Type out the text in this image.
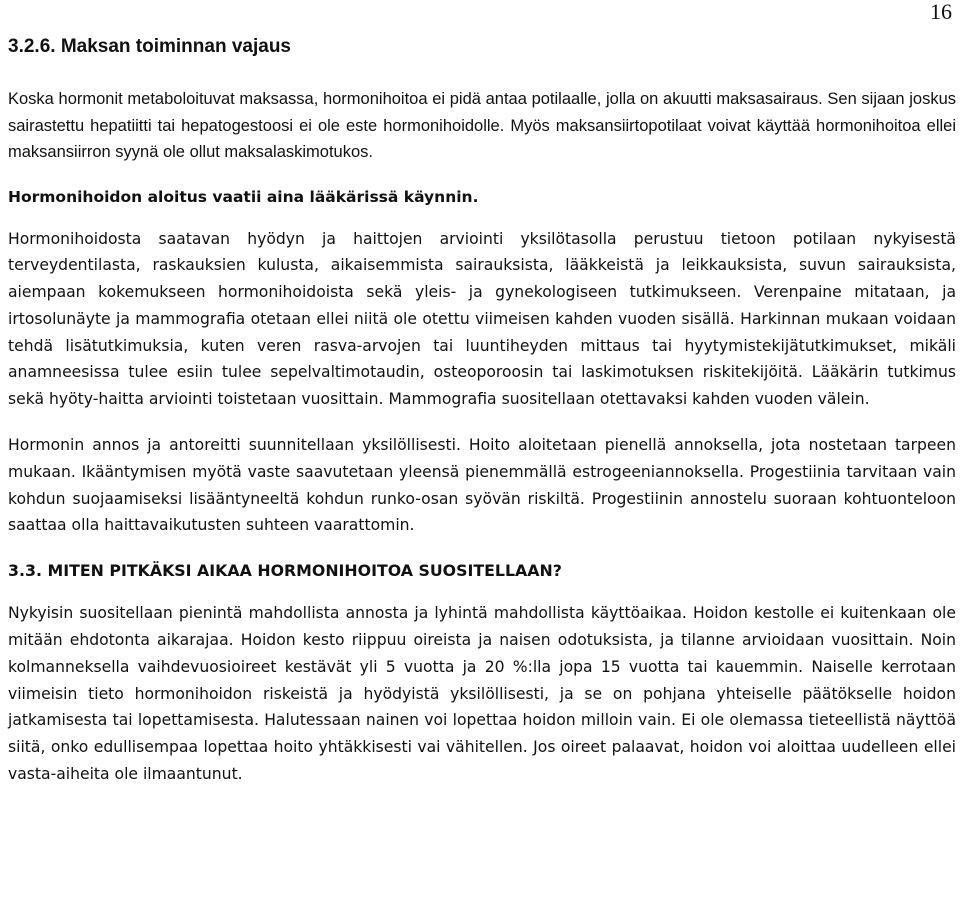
16
3.2.6. Maksan toiminnan vajaus

Koska hormonit metaboloituvat maksassa, hormonihoitoa ei pidä antaa potilaalle, jolla on akuutti maksasairaus. Sen sijaan joskus sairastettu hepatiitti tai hepatogestoosi ei ole este hormonihoidolle. Myös maksansiirtopotilaat voivat käyttää hormonihoitoa ellei maksansiirron syynä ole ollut maksalaskimotukos.

Hormonihoidon aloitus vaatii aina lääkärissä käynnin.

Hormonihoidosta saatavan hyödyn ja haittojen arviointi yksilötasolla perustuu tietoon potilaan nykyisestä terveydentilasta, raskauksien kulusta, aikaisemmista sairauksista, lääkkeistä ja leikkauksista, suvun sairauksista, aiempaan kokemukseen hormonihoidoista sekä yleis- ja gynekologiseen tutkimukseen. Verenpaine mitataan, ja irtosolunäyte ja mammografia otetaan ellei niitä ole otettu viimeisen kahden vuoden sisällä. Harkinnan mukaan voidaan tehdä lisätutkimuksia, kuten veren rasva-arvojen tai luuntiheyden mittaus tai hyytymistekijätutkimukset, mikäli anamneesissa tulee esiin tulee sepelvaltimotaudin, osteoporoosin tai laskimotuksen riskitekijöitä. Lääkärin tutkimus sekä hyöty-haitta arviointi toistetaan vuosittain. Mammografia suositellaan otettavaksi kahden vuoden välein.

Hormonin annos ja antoreitti suunnitellaan yksilöllisesti. Hoito aloitetaan pienellä annoksella, jota nostetaan tarpeen mukaan. Ikääntymisen myötä vaste saavutetaan yleensä pienemmällä estrogeeniannoksella. Progestiinia tarvitaan vain kohdun suojaamiseksi lisääntyneeltä kohdun runko-osan syövän riskiltä. Progestiinin annostelu suoraan kohtuonteloon saattaa olla haittavaikutusten suhteen vaarattomin.

3.3. MITEN PITKÄKSI AIKAA HORMONIHOITOA SUOSITELLAAN?

Nykyisin suositellaan pienintä mahdollista annosta ja lyhintä mahdollista käyttöaikaa. Hoidon kestolle ei kuitenkaan ole mitään ehdotonta aikarajaa. Hoidon kesto riippuu oireista ja naisen odotuksista, ja tilanne arvioidaan vuosittain. Noin kolmanneksella vaihdevuosioireet kestävät yli 5 vuotta ja 20 %:lla jopa 15 vuotta tai kauemmin. Naiselle kerrotaan viimeisin tieto hormonihoidon riskeistä ja hyödyistä yksilöllisesti, ja se on pohjana yhteiselle päätökselle hoidon jatkamisesta tai lopettamisesta. Halutessaan nainen voi lopettaa hoidon milloin vain. Ei ole olemassa tieteellistä näyttöä siitä, onko edullisempaa lopettaa hoito yhtäkkisesti vai vähitellen. Jos oireet palaavat, hoidon voi aloittaa uudelleen ellei vasta-aiheita ole ilmaantunut.
